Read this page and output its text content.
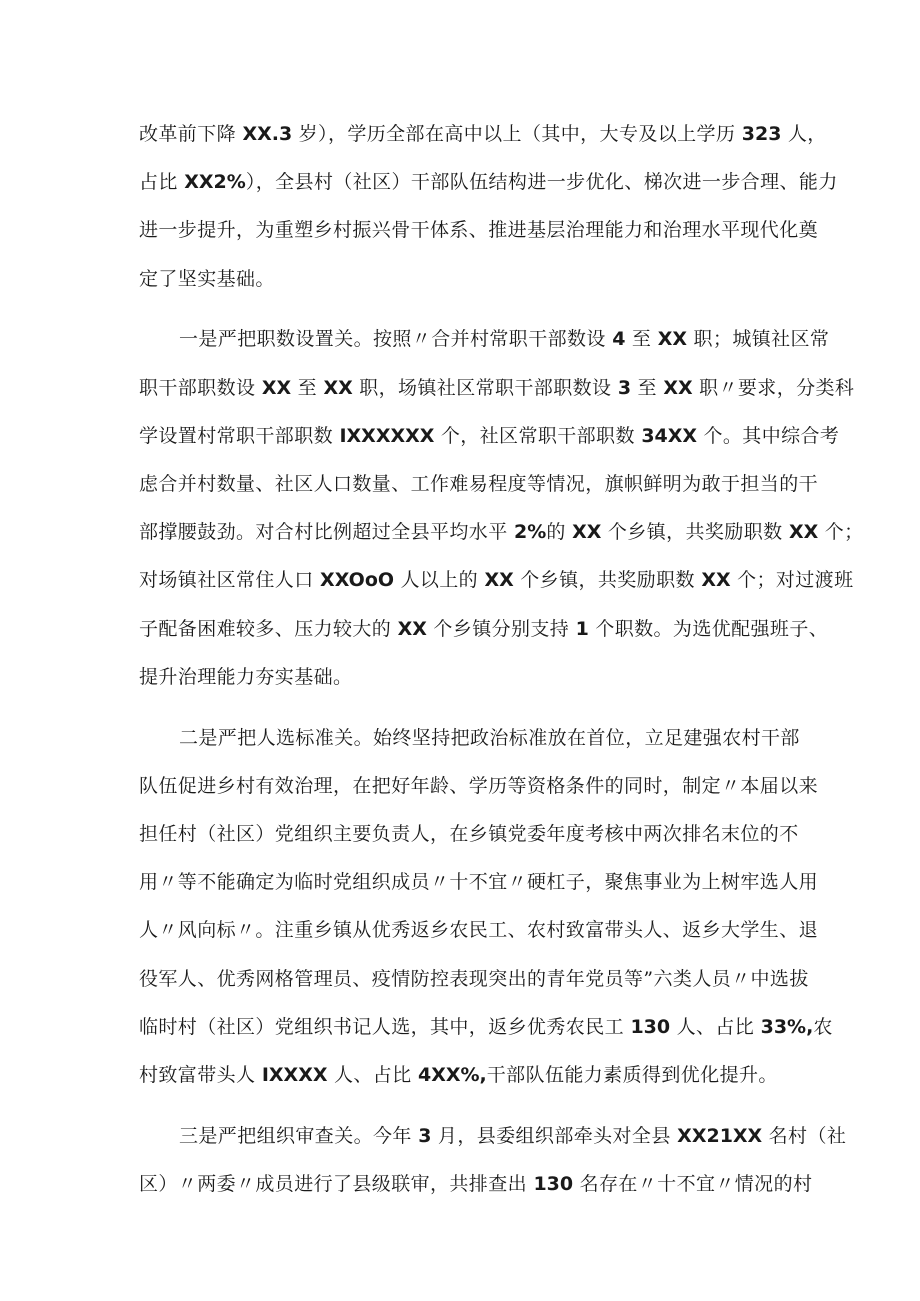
改革前下降 XX.3 岁），学历全部在高中以上（其中，大专及以上学历 323 人，
占比 XX2%），全县村（社区）干部队伍结构进一步优化、梯次进一步合理、能力
进一步提升，为重塑乡村振兴骨干体系、推进基层治理能力和治理水平现代化奠
定了坚实基础。
一是严把职数设置关。按照〃合并村常职干部数设 4 至 XX 职；城镇社区常
职干部职数设 XX 至 XX 职，场镇社区常职干部职数设 3 至 XX 职〃要求，分类科
学设置村常职干部职数 IXXXXXX 个，社区常职干部职数 34XX 个。其中综合考
虑合并村数量、社区人口数量、工作难易程度等情况，旗帜鲜明为敢于担当的干
部撑腰鼓劲。对合村比例超过全县平均水平 2%的 XX 个乡镇，共奖励职数 XX 个；
对场镇社区常住人口 XXOoO 人以上的 XX 个乡镇，共奖励职数 XX 个；对过渡班
子配备困难较多、压力较大的 XX 个乡镇分别支持 1 个职数。为选优配强班子、
提升治理能力夯实基础。
二是严把人选标准关。始终坚持把政治标准放在首位，立足建强农村干部
队伍促进乡村有效治理，在把好年龄、学历等资格条件的同时，制定〃本届以来
担任村（社区）党组织主要负责人，在乡镇党委年度考核中两次排名末位的不
用〃等不能确定为临时党组织成员〃十不宜〃硬杠子，聚焦事业为上树牢选人用
人〃风向标〃。注重乡镇从优秀返乡农民工、农村致富带头人、返乡大学生、退
役军人、优秀网格管理员、疫情防控表现突出的青年党员等”六类人员〃中选拔
临时村（社区）党组织书记人选，其中，返乡优秀农民工 130 人、占比 33%,农
村致富带头人 IXXXX 人、占比 4XX%,干部队伍能力素质得到优化提升。
三是严把组织审查关。今年 3 月，县委组织部牵头对全县 XX21XX 名村（社
区）〃两委〃成员进行了县级联审，共排查出 130 名存在〃十不宜〃情况的村
